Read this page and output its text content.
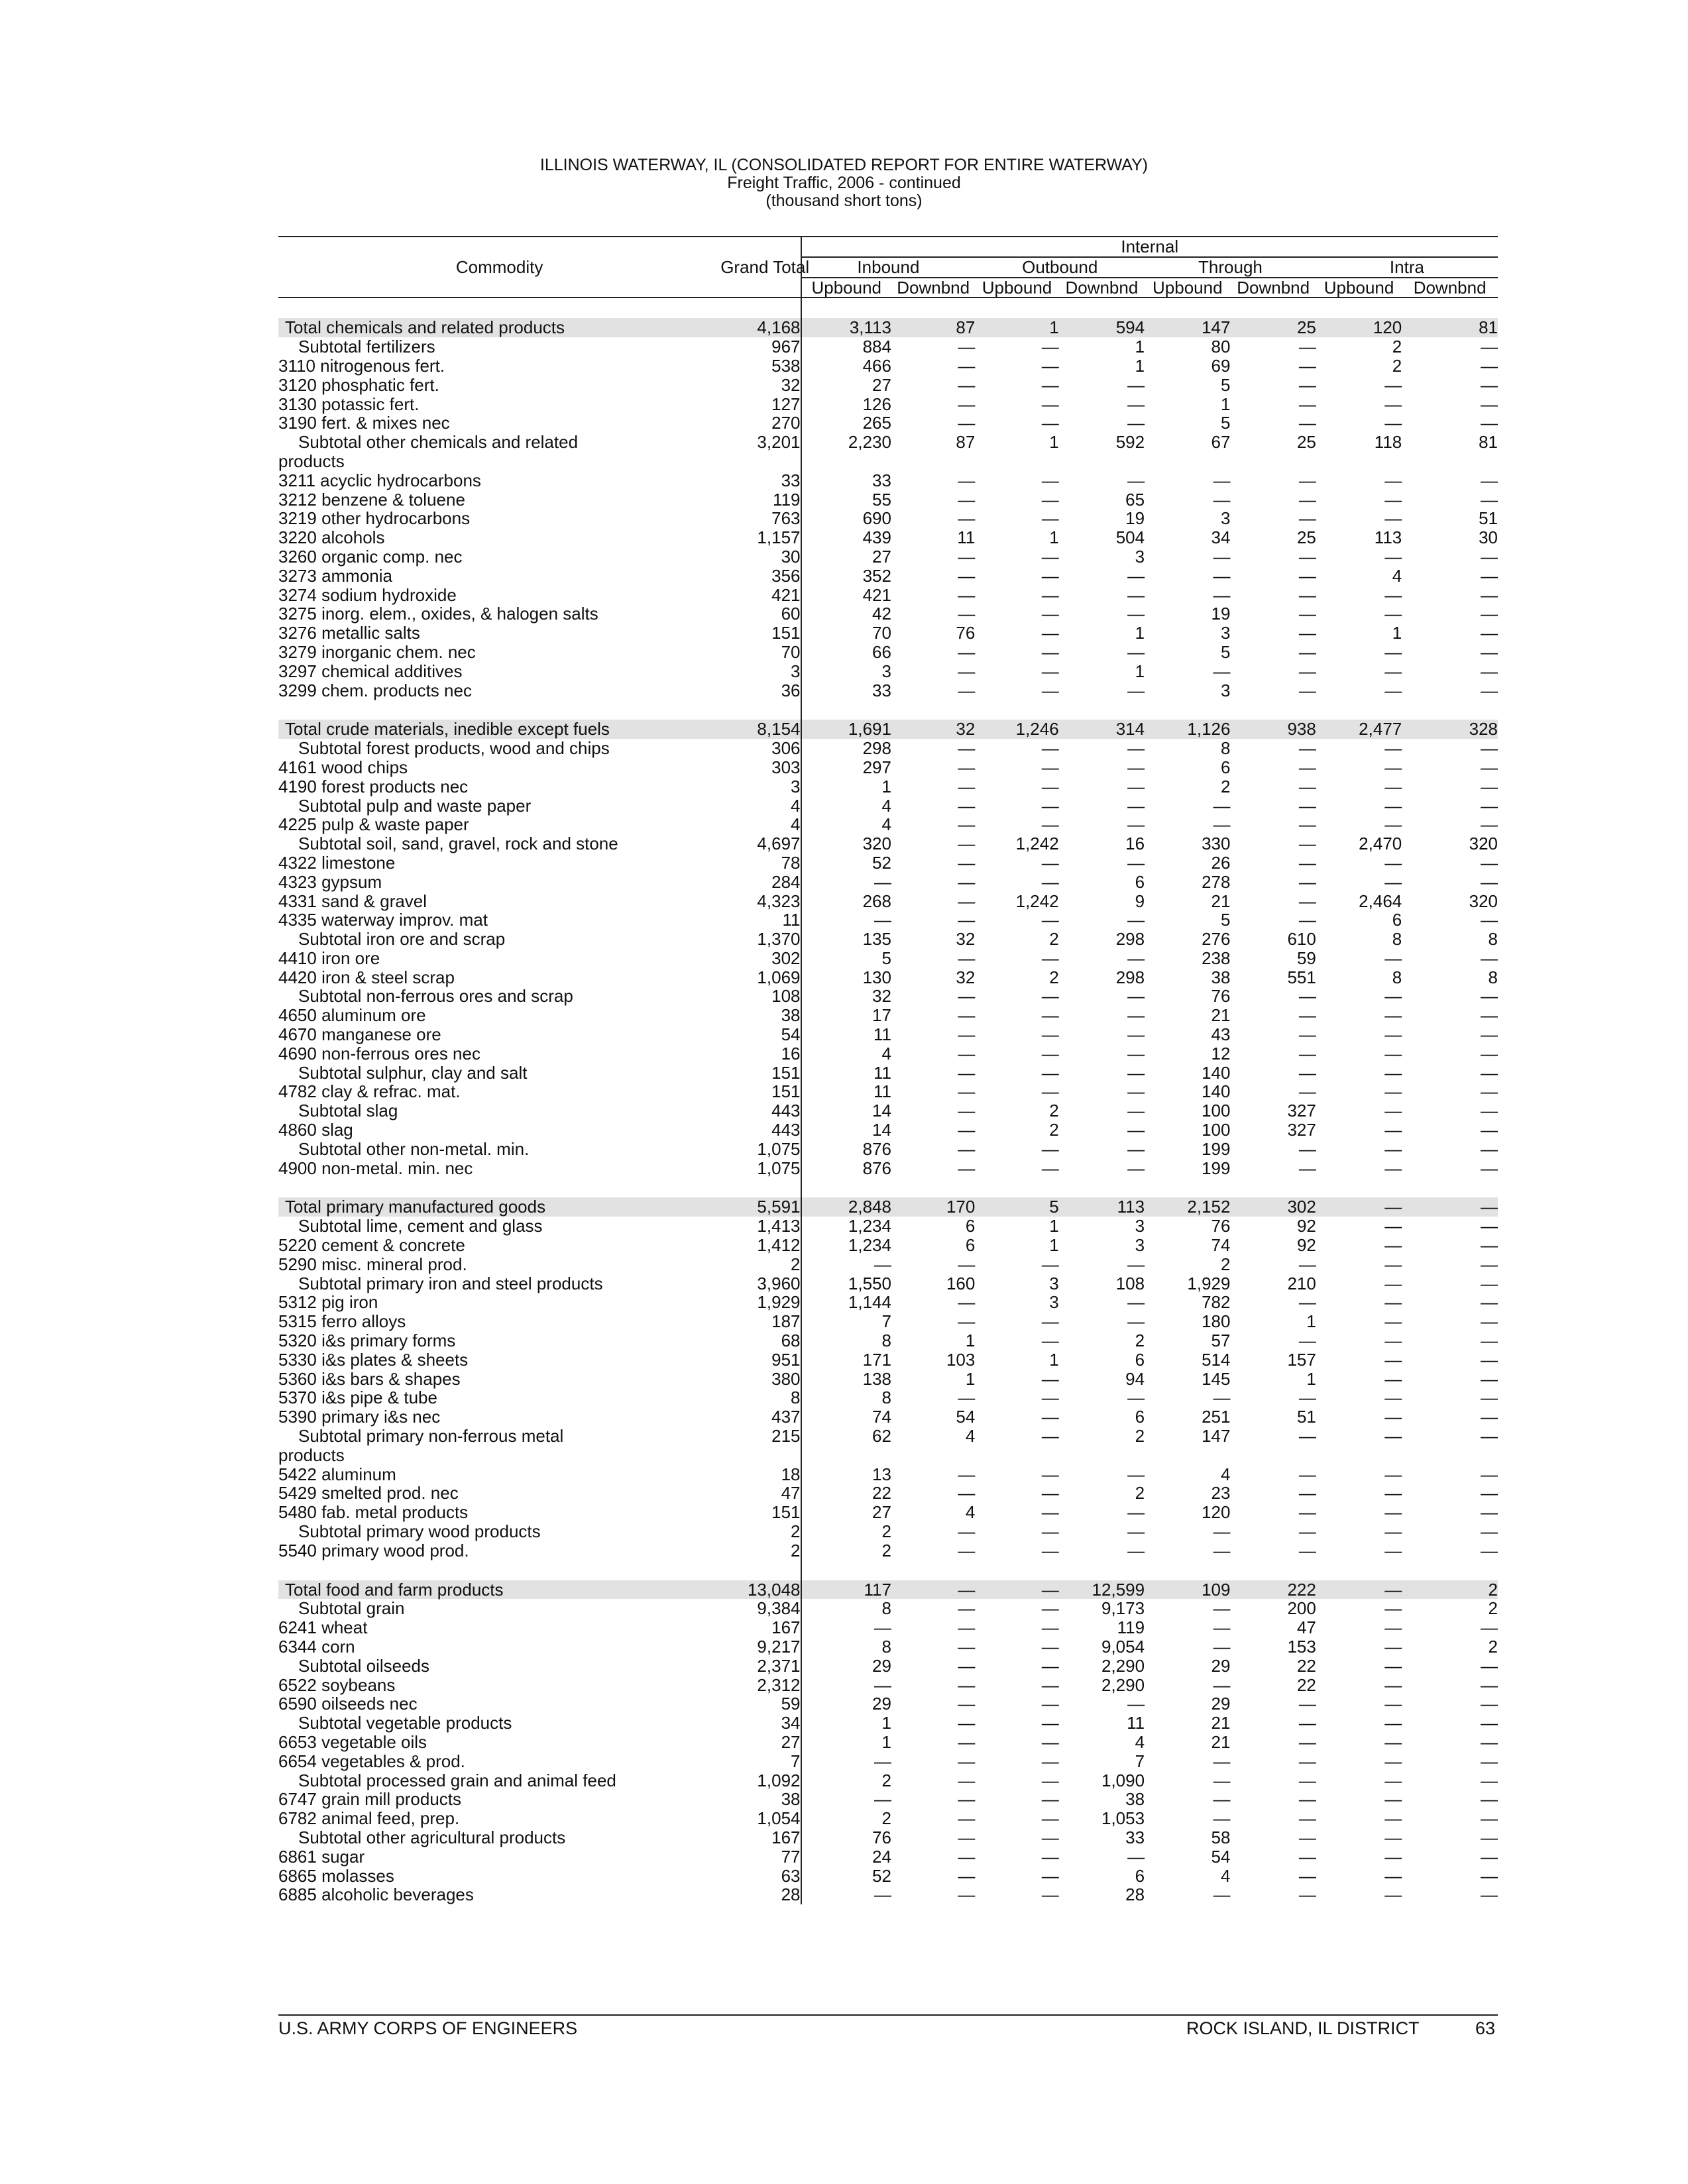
ILLINOIS WATERWAY, IL (CONSOLIDATED REPORT FOR ENTIRE WATERWAY)
Freight Traffic, 2006 - continued
(thousand short tons)
		Internal							
Commodity	Grand Total	Inbound		Outbound		Through		Intra	
		Upbound	Downbnd	Upbound	Downbnd	Upbound	Downbnd	Upbound	Downbnd

Total chemicals and related products	4,168	3,113	87	1	594	147	25	120	81
Subtotal fertilizers	967	884	—	—	1	80	—	2	—
3110 nitrogenous fert.	538	466	—	—	1	69	—	2	—
3120 phosphatic fert.	32	27	—	—	—	5	—	—	—
3130 potassic fert.	127	126	—	—	—	1	—	—	—
3190 fert. & mixes nec	270	265	—	—	—	5	—	—	—
Subtotal other chemicals and related	3,201	2,230	87	1	592	67	25	118	81
products									
3211 acyclic hydrocarbons	33	33	—	—	—	—	—	—	—
3212 benzene & toluene	119	55	—	—	65	—	—	—	—
3219 other hydrocarbons	763	690	—	—	19	3	—	—	51
3220 alcohols	1,157	439	11	1	504	34	25	113	30
3260 organic comp. nec	30	27	—	—	3	—	—	—	—
3273 ammonia	356	352	—	—	—	—	—	4	—
3274 sodium hydroxide	421	421	—	—	—	—	—	—	—
3275 inorg. elem., oxides, & halogen salts	60	42	—	—	—	19	—	—	—
3276 metallic salts	151	70	76	—	1	3	—	1	—
3279 inorganic chem. nec	70	66	—	—	—	5	—	—	—
3297 chemical additives	3	3	—	—	1	—	—	—	—
3299 chem. products nec	36	33	—	—	—	3	—	—	—

Total crude materials, inedible except fuels	8,154	1,691	32	1,246	314	1,126	938	2,477	328
Subtotal forest products, wood and chips	306	298	—	—	—	8	—	—	—
4161 wood chips	303	297	—	—	—	6	—	—	—
4190 forest products nec	3	1	—	—	—	2	—	—	—
Subtotal pulp and waste paper	4	4	—	—	—	—	—	—	—
4225 pulp & waste paper	4	4	—	—	—	—	—	—	—
Subtotal soil, sand, gravel, rock and stone	4,697	320	—	1,242	16	330	—	2,470	320
4322 limestone	78	52	—	—	—	26	—	—	—
4323 gypsum	284	—	—	—	6	278	—	—	—
4331 sand & gravel	4,323	268	—	1,242	9	21	—	2,464	320
4335 waterway improv. mat	11	—	—	—	—	5	—	6	—
Subtotal iron ore and scrap	1,370	135	32	2	298	276	610	8	8
4410 iron ore	302	5	—	—	—	238	59	—	—
4420 iron & steel scrap	1,069	130	32	2	298	38	551	8	8
Subtotal non-ferrous ores and scrap	108	32	—	—	—	76	—	—	—
4650 aluminum ore	38	17	—	—	—	21	—	—	—
4670 manganese ore	54	11	—	—	—	43	—	—	—
4690 non-ferrous ores nec	16	4	—	—	—	12	—	—	—
Subtotal sulphur, clay and salt	151	11	—	—	—	140	—	—	—
4782 clay & refrac. mat.	151	11	—	—	—	140	—	—	—
Subtotal slag	443	14	—	2	—	100	327	—	—
4860 slag	443	14	—	2	—	100	327	—	—
Subtotal other non-metal. min.	1,075	876	—	—	—	199	—	—	—
4900 non-metal. min. nec	1,075	876	—	—	—	199	—	—	—

Total primary manufactured goods	5,591	2,848	170	5	113	2,152	302	—	—
Subtotal lime, cement and glass	1,413	1,234	6	1	3	76	92	—	—
5220 cement & concrete	1,412	1,234	6	1	3	74	92	—	—
5290 misc. mineral prod.	2	—	—	—	—	2	—	—	—
Subtotal primary iron and steel products	3,960	1,550	160	3	108	1,929	210	—	—
5312 pig iron	1,929	1,144	—	3	—	782	—	—	—
5315 ferro alloys	187	7	—	—	—	180	1	—	—
5320 i&s primary forms	68	8	1	—	2	57	—	—	—
5330 i&s plates & sheets	951	171	103	1	6	514	157	—	—
5360 i&s bars & shapes	380	138	1	—	94	145	1	—	—
5370 i&s pipe & tube	8	8	—	—	—	—	—	—	—
5390 primary i&s nec	437	74	54	—	6	251	51	—	—
Subtotal primary non-ferrous metal	215	62	4	—	2	147	—	—	—
products									
5422 aluminum	18	13	—	—	—	4	—	—	—
5429 smelted prod. nec	47	22	—	—	2	23	—	—	—
5480 fab. metal products	151	27	4	—	—	120	—	—	—
Subtotal primary wood products	2	2	—	—	—	—	—	—	—
5540 primary wood prod.	2	2	—	—	—	—	—	—	—

Total food and farm products	13,048	117	—	—	12,599	109	222	—	2
Subtotal grain	9,384	8	—	—	9,173	—	200	—	2
6241 wheat	167	—	—	—	119	—	47	—	—
6344 corn	9,217	8	—	—	9,054	—	153	—	2
Subtotal oilseeds	2,371	29	—	—	2,290	29	22	—	—
6522 soybeans	2,312	—	—	—	2,290	—	22	—	—
6590 oilseeds nec	59	29	—	—	—	29	—	—	—
Subtotal vegetable products	34	1	—	—	11	21	—	—	—
6653 vegetable oils	27	1	—	—	4	21	—	—	—
6654 vegetables & prod.	7	—	—	—	7	—	—	—	—
Subtotal processed grain and animal feed	1,092	2	—	—	1,090	—	—	—	—
6747 grain mill products	38	—	—	—	38	—	—	—	—
6782 animal feed, prep.	1,054	2	—	—	1,053	—	—	—	—
Subtotal other agricultural products	167	76	—	—	33	58	—	—	—
6861 sugar	77	24	—	—	—	54	—	—	—
6865 molasses	63	52	—	—	6	4	—	—	—
6885 alcoholic beverages	28	—	—	—	28	—	—	—	—
U.S. ARMY CORPS OF ENGINEERS	ROCK ISLAND, IL DISTRICT	63
